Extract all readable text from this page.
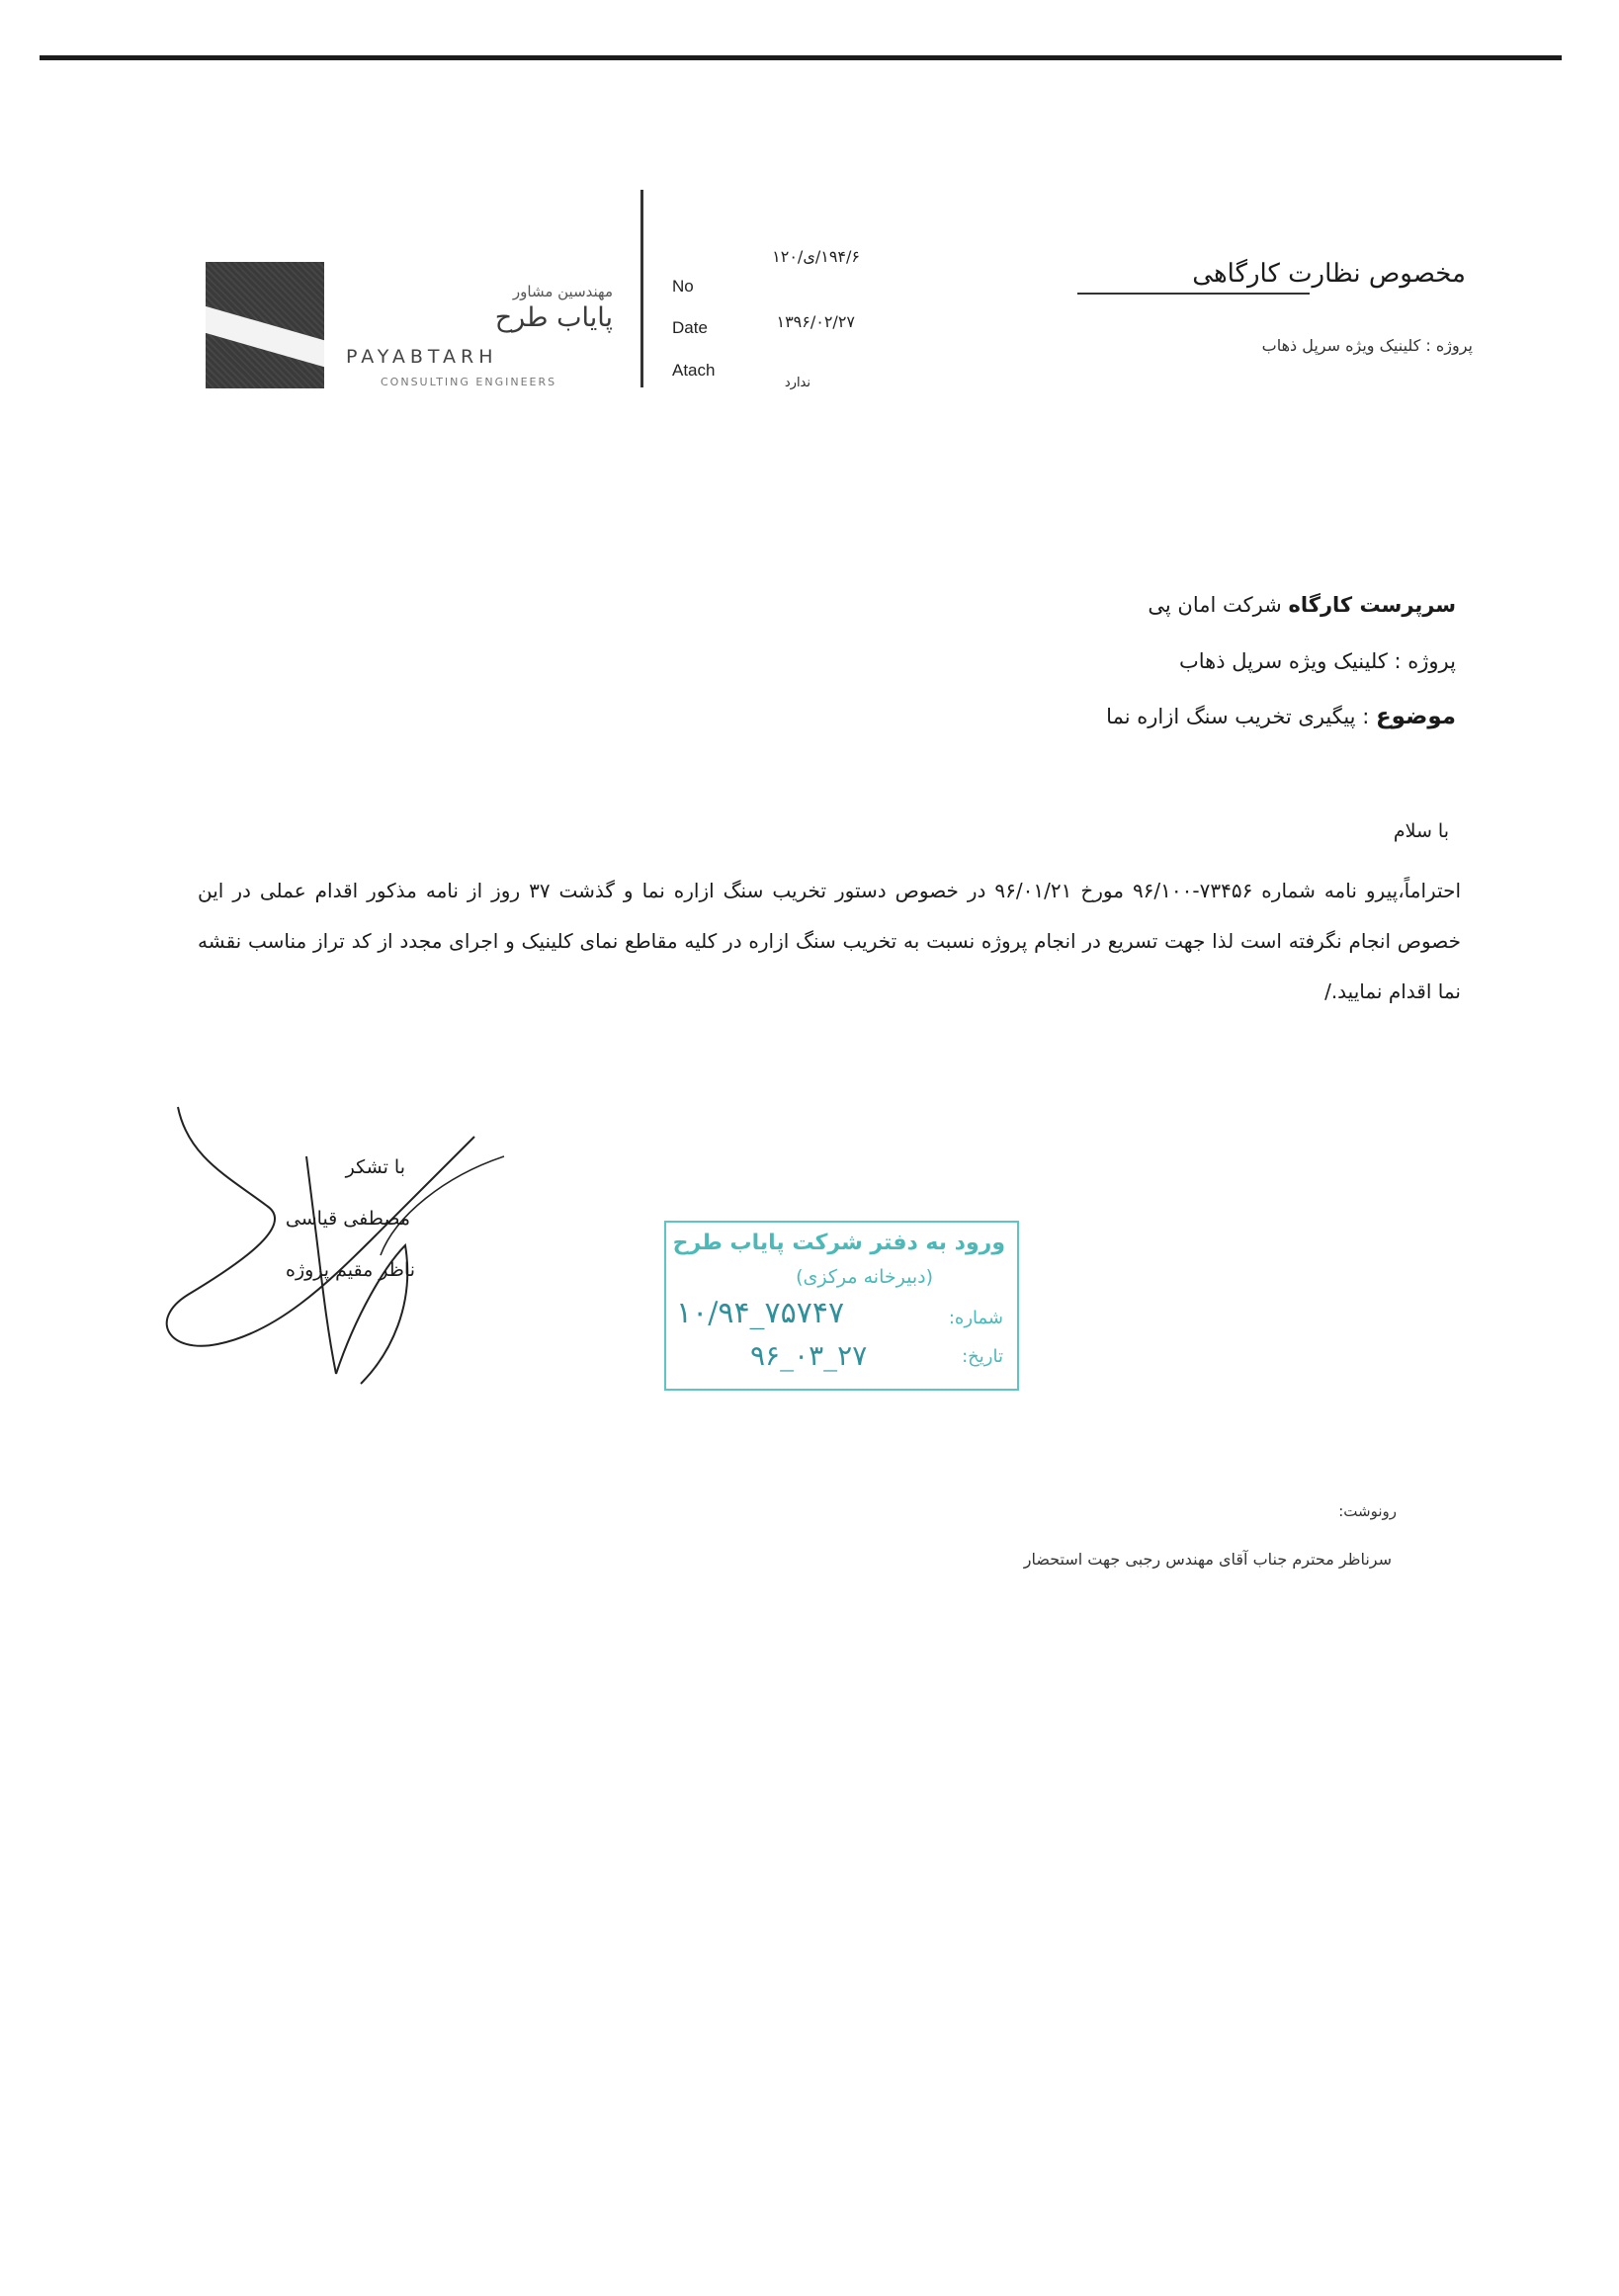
مهندسین مشاور
پایاب طرح
PAYABTARH
CONSULTING ENGINEERS
No
Date
Atach
۱۹۴/۶/ی/۱۲۰
۱۳۹۶/۰۲/۲۷
ندارد
مخصوص نظارت کارگاهی
پروژه : کلینیک ویژه سرپل ذهاب
سرپرست کارگاه شرکت امان پی
پروژه : کلینیک ویژه سرپل ذهاب
موضوع : پیگیری تخریب سنگ ازاره نما
با سلام
احتراماً،پیرو نامه شماره ۷۳۴۵۶-۹۶/۱۰۰ مورخ ۹۶/۰۱/۲۱ در خصوص دستور تخریب سنگ ازاره نما و گذشت ۳۷ روز از نامه مذکور اقدام عملی در این خصوص انجام نگرفته است لذا جهت تسریع در انجام پروژه نسبت به تخریب سنگ ازاره در کلیه مقاطع نمای کلینیک و اجرای مجدد از کد تراز مناسب نقشه نما اقدام نمایید./
با تشکر
مصطفی قیاسی
ناظر مقیم پروژه
ورود به دفتر شرکت پایاب طرح
(دبیرخانه مرکزی)
شماره:
تاریخ:
۱۰/۹۴_۷۵۷۴۷
۹۶_۰۳_۲۷
رونوشت:
سرناظر محترم جناب آقای مهندس رجبی جهت استحضار
